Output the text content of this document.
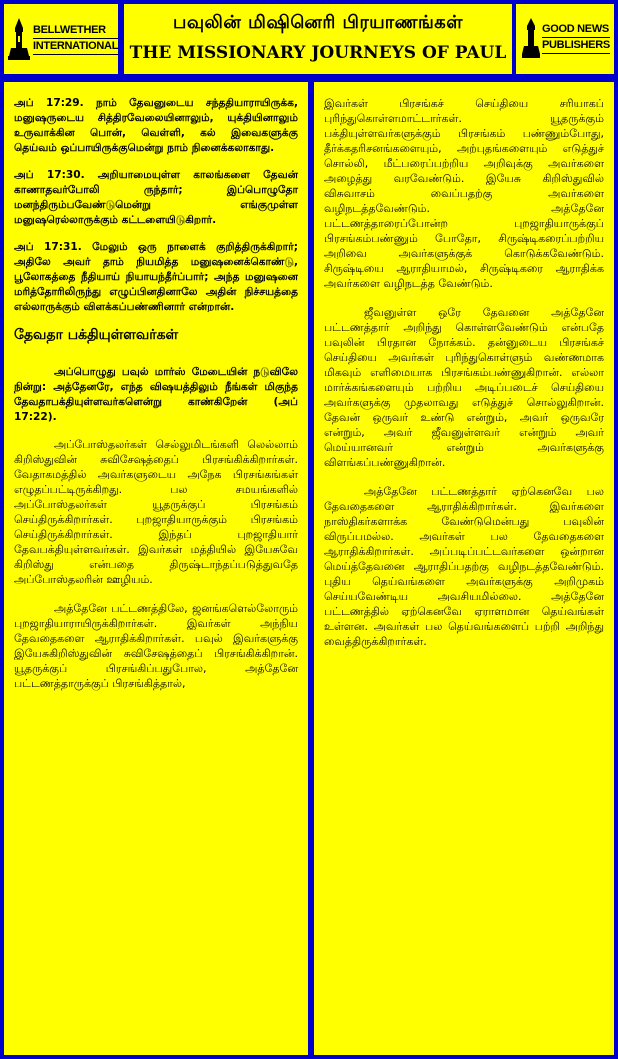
BELLWETHER
INTERNATIONAL
பவுலின் மிஷினெரி பிரயாணங்கள்
THE MISSIONARY JOURNEYS OF PAUL
GOOD NEWS
PUBLISHERS

அப் 17:29. நாம் தேவனுடைய சந்ததியாராயிருக்க, மனுஷருடைய சித்திரவேலையினாலும், யுக்தியினாலும் உருவாக்கின பொன், வெள்ளி, கல் இவைகளுக்கு தெய்வம் ஒப்பாயிருக்குமென்று நாம் நினைக்கலாகாது.

அப் 17:30. அறியாமையுள்ள காலங்களை தேவன் காணாதவர்போலி ருந்தார்; இப்பொழுதோ மனந்திரும்பவேண்டுமென்று எங்குமுள்ள மனுஷரெல்லாருக்கும் கட்டளையிடுகிறார்.

அப் 17:31. மேலும் ஒரு நாளைக் குறித்திருக்கிறார்; அதிலே அவர் தாம் நியமித்த மனுஷனைக்கொண்டு, பூலோகத்தை நீதியாய் நியாயந்தீர்ப்பார்; அந்த மனுஷனை மரித்தோரிலிருந்து எழுப்பினதினாலே அதின் நிச்சயத்தை எல்லாருக்கும் விளக்கப்பண்ணினார் என்றான்.

தேவதா பக்தியுள்ளவர்கள்

அப்பொழுது பவுல் மார்ஸ் மேடையின் நடுவிலே நின்று: அத்தேனரே, எந்த விஷயத்திலும் நீங்கள் மிகுந்த தேவதாபக்தியுள்ளவர்களென்று காண்கிறேன் (அப் 17:22).

அப்போஸ்தலர்கள் செல்லுமிடங்களி லெல்லாம் கிறிஸ்துவின் சுவிசேஷத்தைப் பிரசங்கிக்கிறார்கள். வேதாகமத்தில் அவர்களுடைய அநேக பிரசங்கங்கள் எழுதப்பட்டிருக்கிறது. பல சமயங்களில் அப்போஸ்தலர்கள் யூதருக்குப் பிரசங்கம் செய்திருக்கிறார்கள். புறஜாதியாருக்கும் பிரசங்கம் செய்திருக்கிறார்கள். இந்தப் புறஜாதியார் தேவபக்தியுள்ளவர்கள். இவர்கள் மத்தியில் இயேசுவே கிறிஸ்து என்பதை திருஷ்டாந்தப்படுத்துவதே அப்போஸ்தலரின் ஊழியம்.

அத்தேனே பட்டணத்திலே, ஜனங்களெல்லோரும் புறஜாதியாராயிருக்கிறார்கள். இவர்கள் அந்நிய தேவதைகளை ஆராதிக்கிறார்கள். பவுல் இவர்களுக்கு இயேசுகிறிஸ்துவின் சுவிசேஷத்தைப் பிரசங்கிக்கிறான். யூதருக்குப் பிரசங்கிப்பதுபோல, அத்தேனே பட்டணத்தாருக்குப் பிரசங்கித்தால்,

இவர்கள் பிரசங்கச் செய்தியை சரியாகப் புரிந்துகொள்ளமாட்டார்கள். யூதருக்கும் பக்தியுள்ளவர்களுக்கும் பிரசங்கம் பண்ணும்போது, தீர்க்கதரிசனங்களையும், அற்புதங்களையும் எடுத்துச் சொல்லி, மீட்பரைப்பற்றிய அறிவுக்கு அவர்களை அழைத்து வரவேண்டும். இயேசு கிறிஸ்துவில் விசுவாசம் வைப்பதற்கு அவர்களை வழிநடத்தவேண்டும். அத்தேனே பட்டணத்தாரைப்போன்ற புறஜாதியாருக்குப் பிரசங்கம்பண்ணும் போதோ, சிருஷ்டிகரைப்பற்றிய அறிவை அவர்களுக்குக் கொடுக்கவேண்டும். சிருஷ்டியை ஆராதியாமல், சிருஷ்டிகரை ஆராதிக்க அவர்களை வழிநடத்த வேண்டும்.

ஜீவனுள்ள ஒரே தேவனை அத்தேனே பட்டணத்தார் அறிந்து கொள்ளவேண்டும் என்பதே பவுலின் பிரதான நோக்கம். தன்னுடைய பிரசங்கச் செய்தியை அவர்கள் புரிந்துகொள்ளும் வண்ணமாக மிகவும் எளிமையாக பிரசங்கம்பண்ணுகிறான். எல்லா மார்க்கங்களையும் பற்றிய அடிப்படைச் செய்தியை அவர்களுக்கு முதலாவது எடுத்துச் சொல்லுகிறான். தேவன் ஒருவர் உண்டு என்றும், அவர் ஒருவரே என்றும், அவர் ஜீவனுள்ளவர் என்றும் அவர் மெய்யானவர் என்றும் அவர்களுக்கு விளங்கப்பண்ணுகிறான்.

அத்தேனே பட்டணத்தார் ஏற்கெனவே பல தேவதைகளை ஆராதிக்கிறார்கள். இவர்களை நாஸ்திகர்களாக்க வேண்டுமென்பது பவுலின் விருப்பமல்ல. அவர்கள் பல தேவதைகளை ஆராதிக்கிறார்கள். அப்படிப்பட்டவர்களை ஒன்றான மெய்த்தேவனை ஆராதிப்பதற்கு வழிநடத்தவேண்டும். புதிய தெய்வங்களை அவர்களுக்கு அறிமுகம் செய்யவேண்டிய அவசியமில்லை. அத்தேனே பட்டணத்தில் ஏற்கெனவே ஏராளமான தெய்வங்கள் உள்ளன. அவர்கள் பல தெய்வங்களைப் பற்றி அறிந்து வைத்திருக்கிறார்கள்.
